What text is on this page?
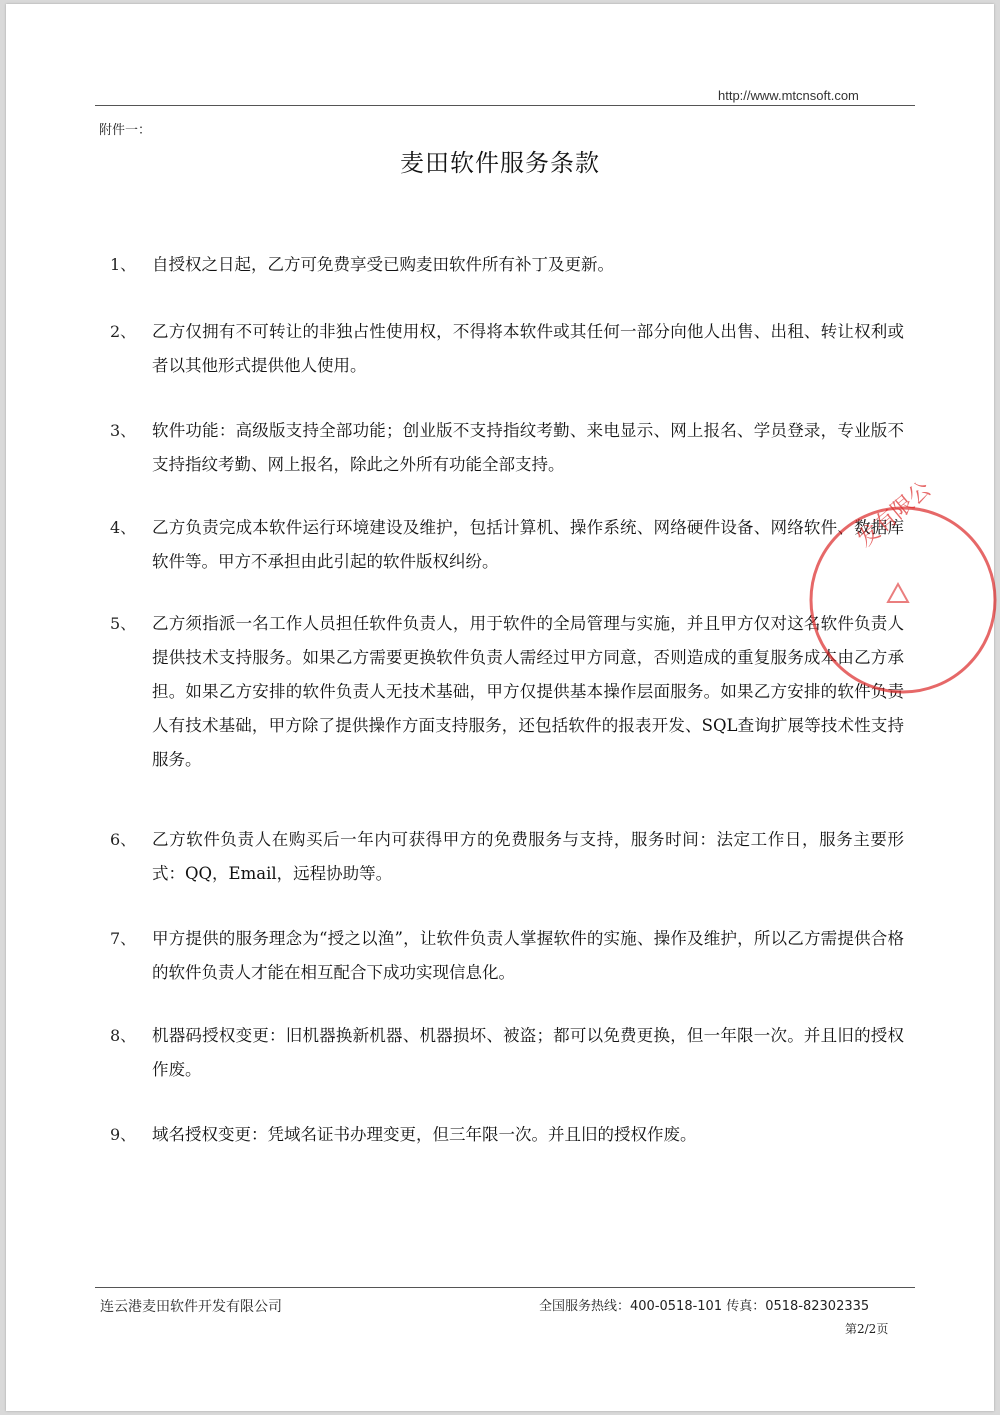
http://www.mtcnsoft.com
附件一：
麦田软件服务条款
1、 自授权之日起，乙方可免费享受已购麦田软件所有补丁及更新。
2、 乙方仅拥有不可转让的非独占性使用权，不得将本软件或其任何一部分向他人出售、出租、转让权利或者以其他形式提供他人使用。
3、 软件功能：高级版支持全部功能；创业版不支持指纹考勤、来电显示、网上报名、学员登录，专业版不支持指纹考勤、网上报名，除此之外所有功能全部支持。
4、 乙方负责完成本软件运行环境建设及维护，包括计算机、操作系统、网络硬件设备、网络软件、数据库软件等。甲方不承担由此引起的软件版权纠纷。
5、 乙方须指派一名工作人员担任软件负责人，用于软件的全局管理与实施，并且甲方仅对这名软件负责人提供技术支持服务。如果乙方需要更换软件负责人需经过甲方同意，否则造成的重复服务成本由乙方承担。如果乙方安排的软件负责人无技术基础，甲方仅提供基本操作层面服务。如果乙方安排的软件负责人有技术基础，甲方除了提供操作方面支持服务，还包括软件的报表开发、SQL查询扩展等技术性支持服务。
6、 乙方软件负责人在购买后一年内可获得甲方的免费服务与支持，服务时间：法定工作日，服务主要形式：QQ，Email，远程协助等。
7、 甲方提供的服务理念为“授之以渔”，让软件负责人掌握软件的实施、操作及维护，所以乙方需提供合格的软件负责人才能在相互配合下成功实现信息化。
8、 机器码授权变更：旧机器换新机器、机器损坏、被盗；都可以免费更换，但一年限一次。并且旧的授权作废。
9、 域名授权变更：凭域名证书办理变更，但三年限一次。并且旧的授权作废。
发有限公
连云港麦田软件开发有限公司	全国服务热线：400-0518-101 传真：0518-82302335
第2/2页
